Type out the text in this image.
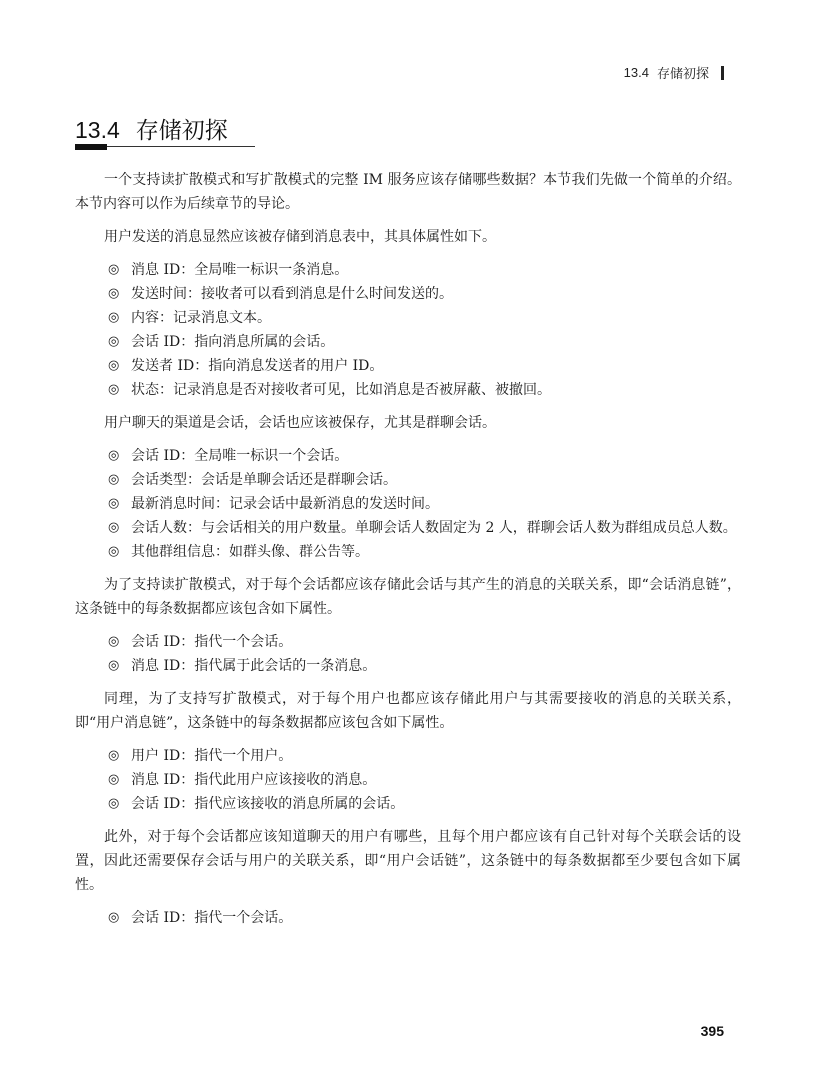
13.4 存储初探
13.4 存储初探

一个支持读扩散模式和写扩散模式的完整 IM 服务应该存储哪些数据？本节我们先做一个简单的介绍。本节内容可以作为后续章节的导论。

用户发送的消息显然应该被存储到消息表中，其具体属性如下。

◎ 消息 ID：全局唯一标识一条消息。
◎ 发送时间：接收者可以看到消息是什么时间发送的。
◎ 内容：记录消息文本。
◎ 会话 ID：指向消息所属的会话。
◎ 发送者 ID：指向消息发送者的用户 ID。
◎ 状态：记录消息是否对接收者可见，比如消息是否被屏蔽、被撤回。

用户聊天的渠道是会话，会话也应该被保存，尤其是群聊会话。

◎ 会话 ID：全局唯一标识一个会话。
◎ 会话类型：会话是单聊会话还是群聊会话。
◎ 最新消息时间：记录会话中最新消息的发送时间。
◎ 会话人数：与会话相关的用户数量。单聊会话人数固定为 2 人，群聊会话人数为群组成员总人数。
◎ 其他群组信息：如群头像、群公告等。

为了支持读扩散模式，对于每个会话都应该存储此会话与其产生的消息的关联关系，即“会话消息链”，这条链中的每条数据都应该包含如下属性。

◎ 会话 ID：指代一个会话。
◎ 消息 ID：指代属于此会话的一条消息。

同理，为了支持写扩散模式，对于每个用户也都应该存储此用户与其需要接收的消息的关联关系，即“用户消息链”，这条链中的每条数据都应该包含如下属性。

◎ 用户 ID：指代一个用户。
◎ 消息 ID：指代此用户应该接收的消息。
◎ 会话 ID：指代应该接收的消息所属的会话。

此外，对于每个会话都应该知道聊天的用户有哪些，且每个用户都应该有自己针对每个关联会话的设置，因此还需要保存会话与用户的关联关系，即“用户会话链”，这条链中的每条数据都至少要包含如下属性。

◎ 会话 ID：指代一个会话。
395
